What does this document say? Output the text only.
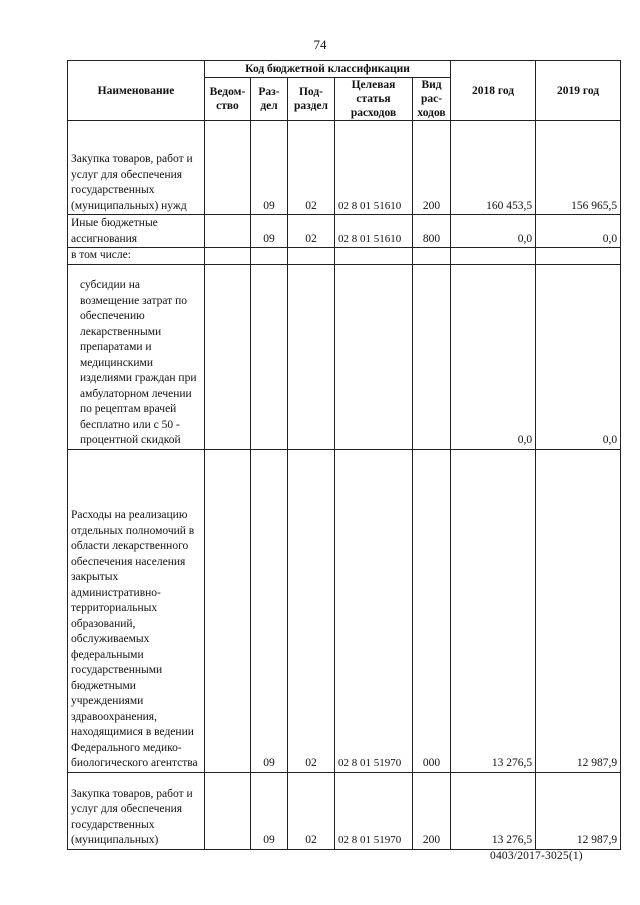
74
Наименование	Код бюджетной классификации					2018 год	2019 год
	Ведом-ство	Раз-дел	Под-раздел	Целевая статья расходов	Вид рас-ходов		
Закупка товаров, работ и услуг для обеспечения государственных (муниципальных) нужд		09	02	02 8 01 51610	200	160 453,5	156 965,5
Иные бюджетные ассигнования		09	02	02 8 01 51610	800	0,0	0,0
в том числе:							
субсидии на возмещение затрат по обеспечению лекарственными препаратами и медицинскими изделиями граждан при амбулаторном лечении по рецептам врачей бесплатно или с 50 - процентной скидкой						0,0	0,0
Расходы на реализацию отдельных полномочий в области лекарственного обеспечения населения закрытых административно-территориальных образований, обслуживаемых федеральными государственными бюджетными учреждениями здравоохранения, находящимися в ведении Федерального медико-биологического агентства		09	02	02 8 01 51970	000	13 276,5	12 987,9
Закупка товаров, работ и услуг для обеспечения государственных (муниципальных)		09	02	02 8 01 51970	200	13 276,5	12 987,9
0403/2017-3025(1)
